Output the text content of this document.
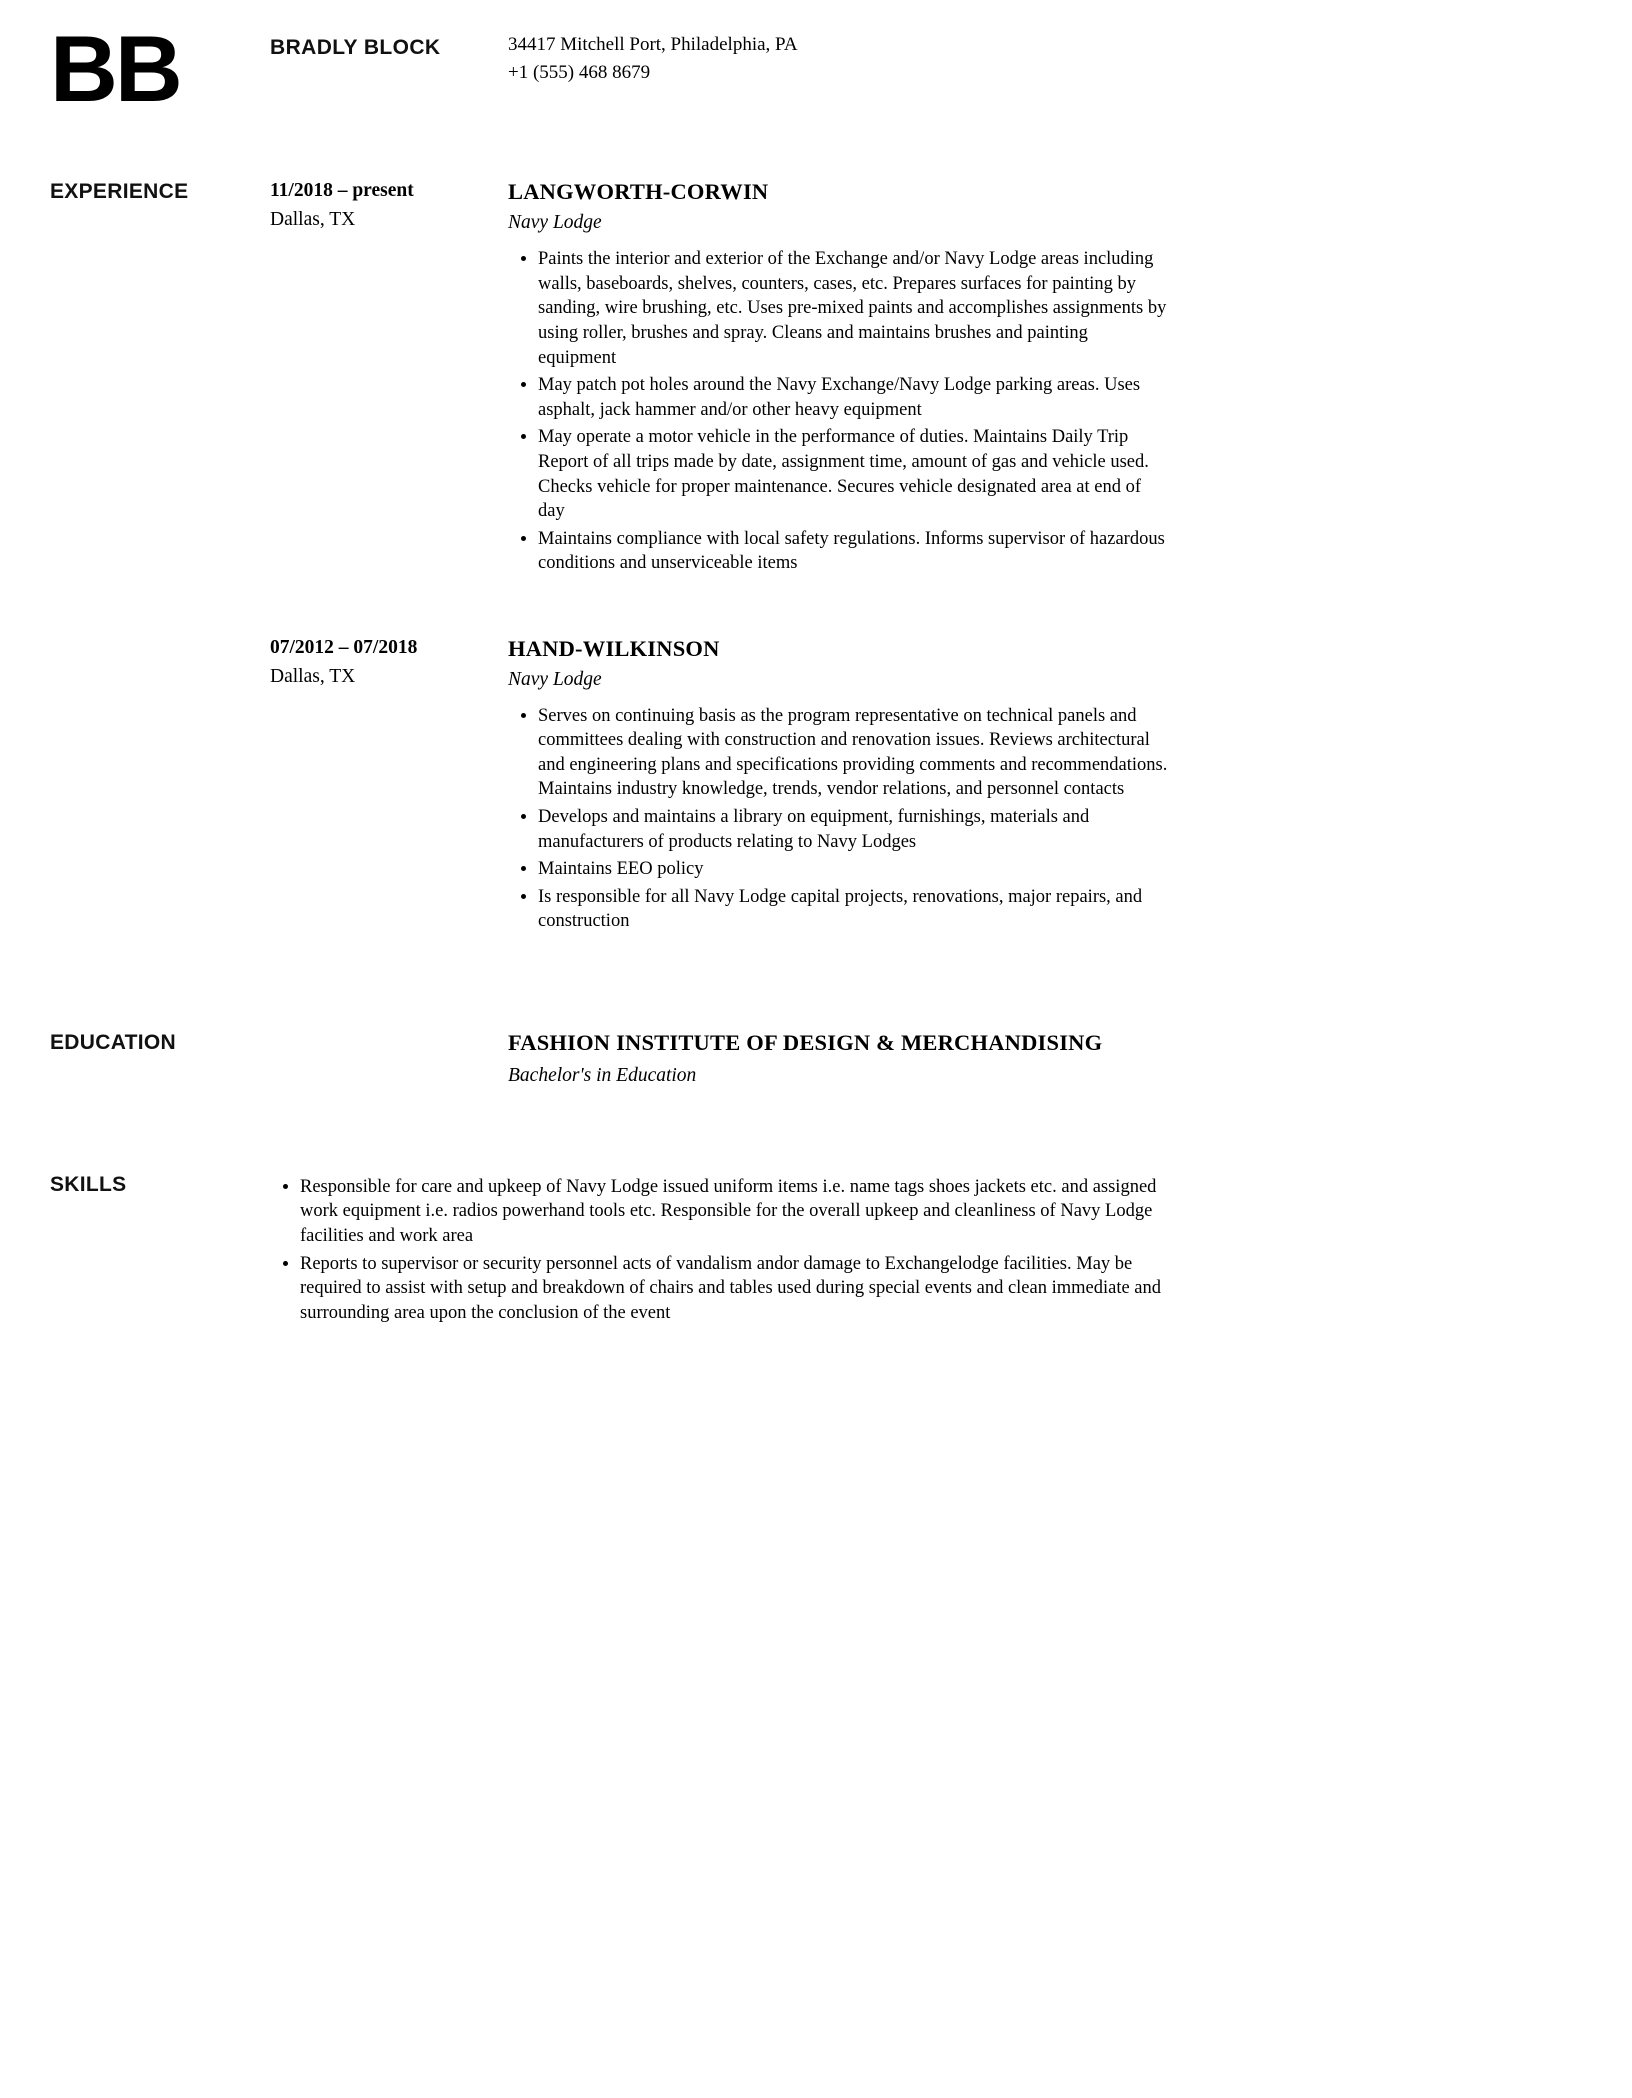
BB	BRADLY BLOCK	34417 Mitchell Port, Philadelphia, PA
+1 (555) 468 8679
EXPERIENCE	11/2018 – present
Dallas, TX
LANGWORTH-CORWIN
Navy Lodge
• Paints the interior and exterior of the Exchange and/or Navy Lodge areas including walls, baseboards, shelves, counters, cases, etc. Prepares surfaces for painting by sanding, wire brushing, etc. Uses pre-mixed paints and accomplishes assignments by using roller, brushes and spray. Cleans and maintains brushes and painting equipment
• May patch pot holes around the Navy Exchange/Navy Lodge parking areas. Uses asphalt, jack hammer and/or other heavy equipment
• May operate a motor vehicle in the performance of duties. Maintains Daily Trip Report of all trips made by date, assignment time, amount of gas and vehicle used. Checks vehicle for proper maintenance. Secures vehicle designated area at end of day
• Maintains compliance with local safety regulations. Informs supervisor of hazardous conditions and unserviceable items
07/2012 – 07/2018
Dallas, TX
HAND-WILKINSON
Navy Lodge
• Serves on continuing basis as the program representative on technical panels and committees dealing with construction and renovation issues. Reviews architectural and engineering plans and specifications providing comments and recommendations. Maintains industry knowledge, trends, vendor relations, and personnel contacts
• Develops and maintains a library on equipment, furnishings, materials and manufacturers of products relating to Navy Lodges
• Maintains EEO policy
• Is responsible for all Navy Lodge capital projects, renovations, major repairs, and construction
EDUCATION	FASHION INSTITUTE OF DESIGN & MERCHANDISING
Bachelor's in Education
SKILLS	• Responsible for care and upkeep of Navy Lodge issued uniform items i.e. name tags shoes jackets etc. and assigned work equipment i.e. radios powerhand tools etc. Responsible for the overall upkeep and cleanliness of Navy Lodge facilities and work area
• Reports to supervisor or security personnel acts of vandalism andor damage to Exchangelodge facilities. May be required to assist with setup and breakdown of chairs and tables used during special events and clean immediate and surrounding area upon the conclusion of the event
